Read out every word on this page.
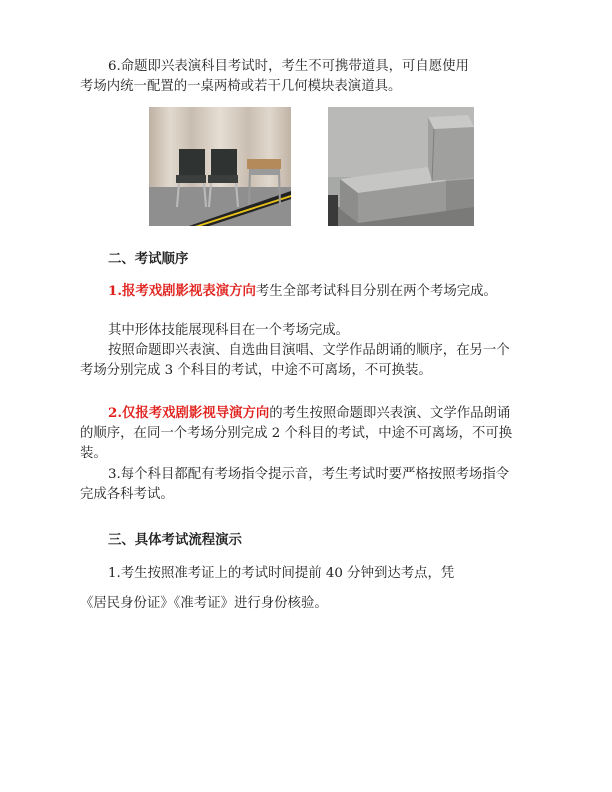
6.命题即兴表演科目考试时，考生不可携带道具，可自愿使用

考场内统一配置的一桌两椅或若干几何模块表演道具。

二、考试顺序

1.报考戏剧影视表演方向考生全部考试科目分别在两个考场完成。

其中形体技能展现科目在一个考场完成。

按照命题即兴表演、自选曲目演唱、文学作品朗诵的顺序，在另一个考场分别完成 3 个科目的考试，中途不可离场，不可换装。

2.仅报考戏剧影视导演方向的考生按照命题即兴表演、文学作品朗诵的顺序，在同一个考场分别完成 2 个科目的考试，中途不可离场，不可换装。

3.每个科目都配有考场指令提示音，考生考试时要严格按照考场指令完成各科考试。

三、具体考试流程演示

1.考生按照准考证上的考试时间提前 40 分钟到达考点，凭

《居民身份证》《准考证》进行身份核验。
